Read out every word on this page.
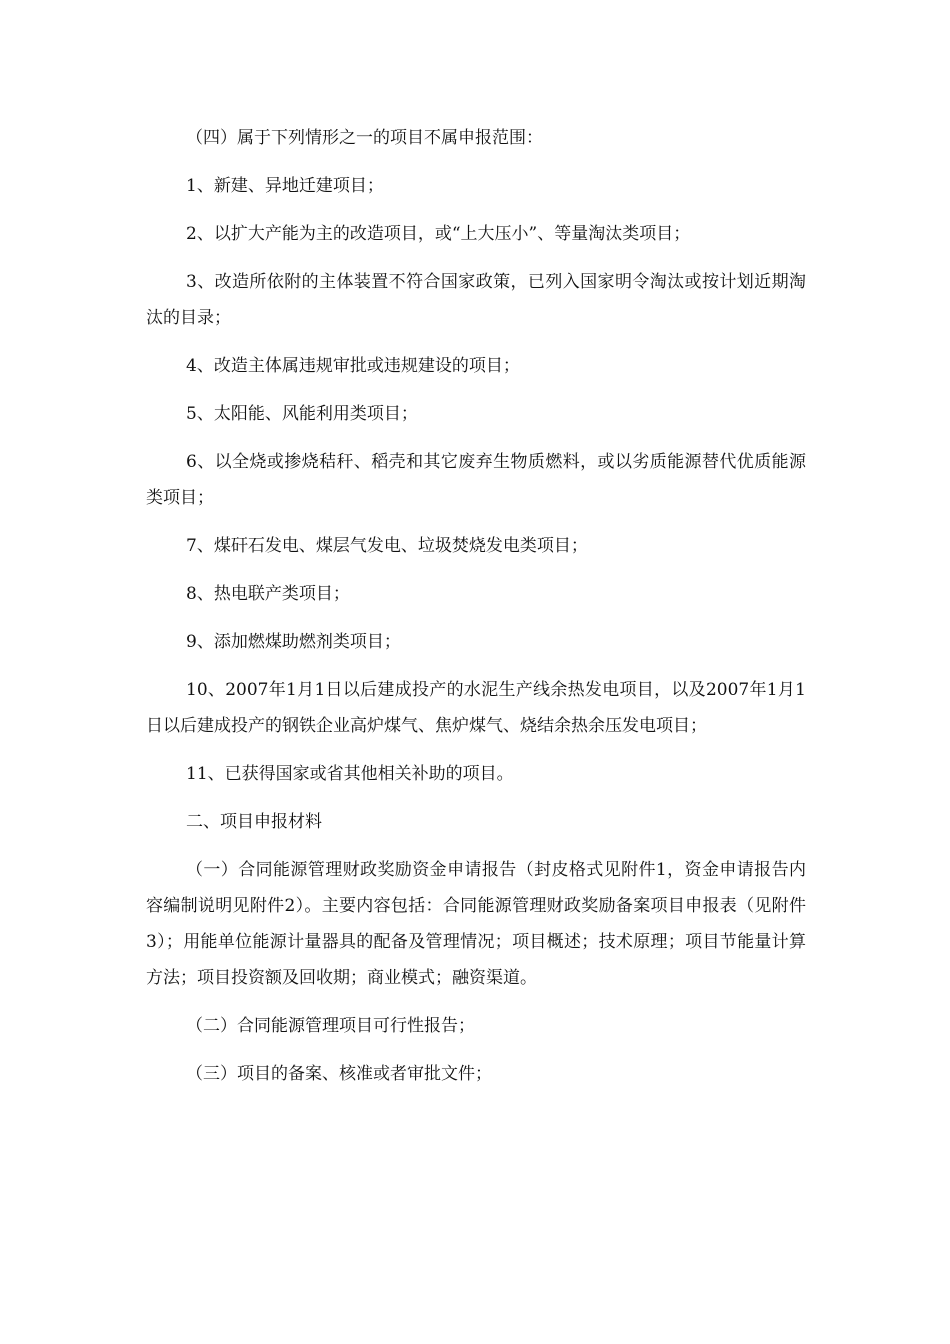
（四）属于下列情形之一的项目不属申报范围：

1、新建、异地迁建项目；

2、以扩大产能为主的改造项目，或“上大压小”、等量淘汰类项目；

3、改造所依附的主体装置不符合国家政策，已列入国家明令淘汰或按计划近期淘汰的目录；

4、改造主体属违规审批或违规建设的项目；

5、太阳能、风能利用类项目；

6、以全烧或掺烧秸秆、稻壳和其它废弃生物质燃料，或以劣质能源替代优质能源类项目；

7、煤矸石发电、煤层气发电、垃圾焚烧发电类项目；

8、热电联产类项目；

9、添加燃煤助燃剂类项目；

10、2007年1月1日以后建成投产的水泥生产线余热发电项目，以及2007年1月1日以后建成投产的钢铁企业高炉煤气、焦炉煤气、烧结余热余压发电项目；

11、已获得国家或省其他相关补助的项目。

二、项目申报材料

（一）合同能源管理财政奖励资金申请报告（封皮格式见附件1，资金申请报告内容编制说明见附件2）。主要内容包括：合同能源管理财政奖励备案项目申报表（见附件3）；用能单位能源计量器具的配备及管理情况；项目概述；技术原理；项目节能量计算方法；项目投资额及回收期；商业模式；融资渠道。

（二）合同能源管理项目可行性报告；

（三）项目的备案、核准或者审批文件；
